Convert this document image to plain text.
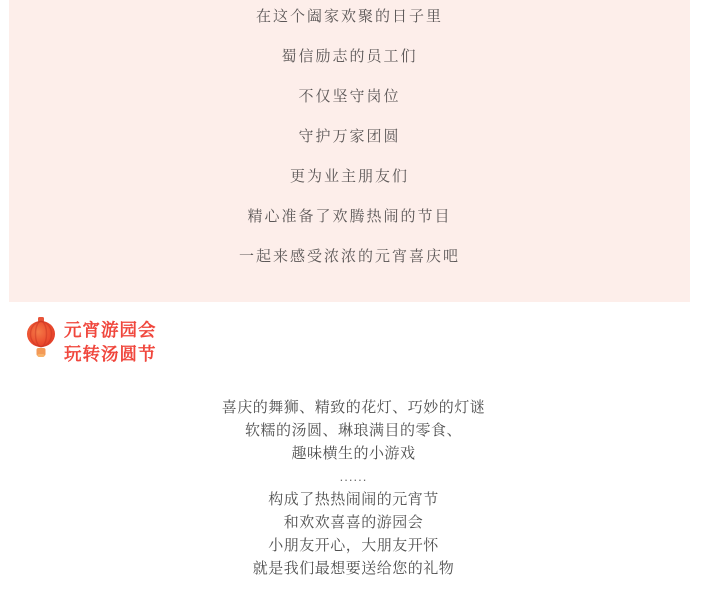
在这个阖家欢聚的日子里

蜀信励志的员工们

不仅坚守岗位

守护万家团圆

更为业主朋友们

精心准备了欢腾热闹的节目

一起来感受浓浓的元宵喜庆吧

元宵游园会
玩转汤圆节

喜庆的舞狮、精致的花灯、巧妙的灯谜

软糯的汤圆、琳琅满目的零食、

趣味横生的小游戏

......

构成了热热闹闹的元宵节

和欢欢喜喜的游园会

小朋友开心，大朋友开怀

就是我们最想要送给您的礼物
